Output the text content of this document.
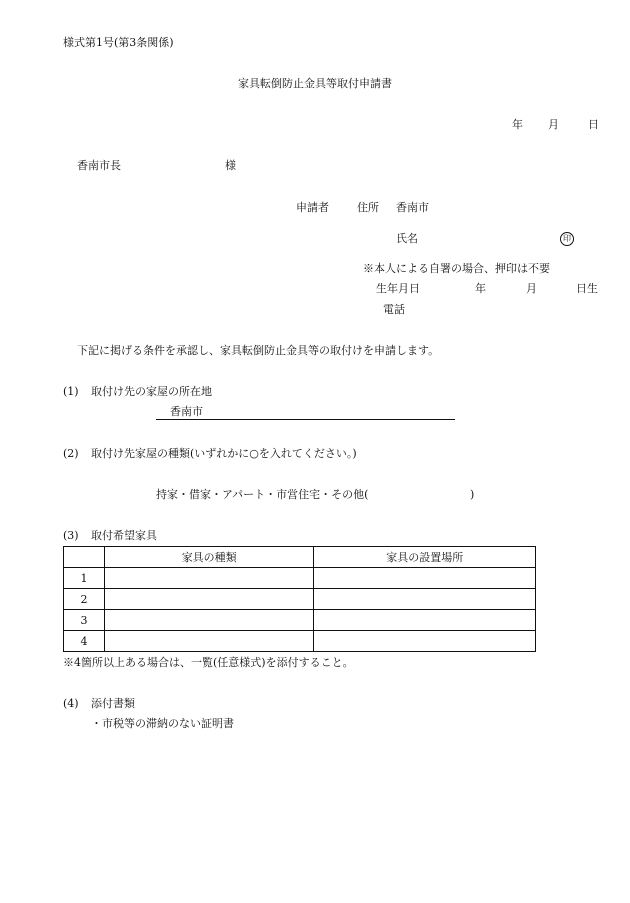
様式第1号(第3条関係)
家具転倒防止金具等取付申請書
年 月	日
香南市長	様
申請者	住所 香南市
氏名	印
※本人による自署の場合、押印は不要
生年月日	年	月	日生
電話
下記に掲げる条件を承認し、家具転倒防止金具等の取付けを申請します。
(1) 取付け先の家屋の所在地
香南市
(2) 取付け先家屋の種類(いずれかに○を入れてください。)
持家・借家・アパート・市営住宅・その他(	)
(3) 取付希望家具
	家具の種類	家具の設置場所
1		
2		
3		
4		
※4箇所以上ある場合は、一覧(任意様式)を添付すること。
(4) 添付書類
・市税等の滞納のない証明書
